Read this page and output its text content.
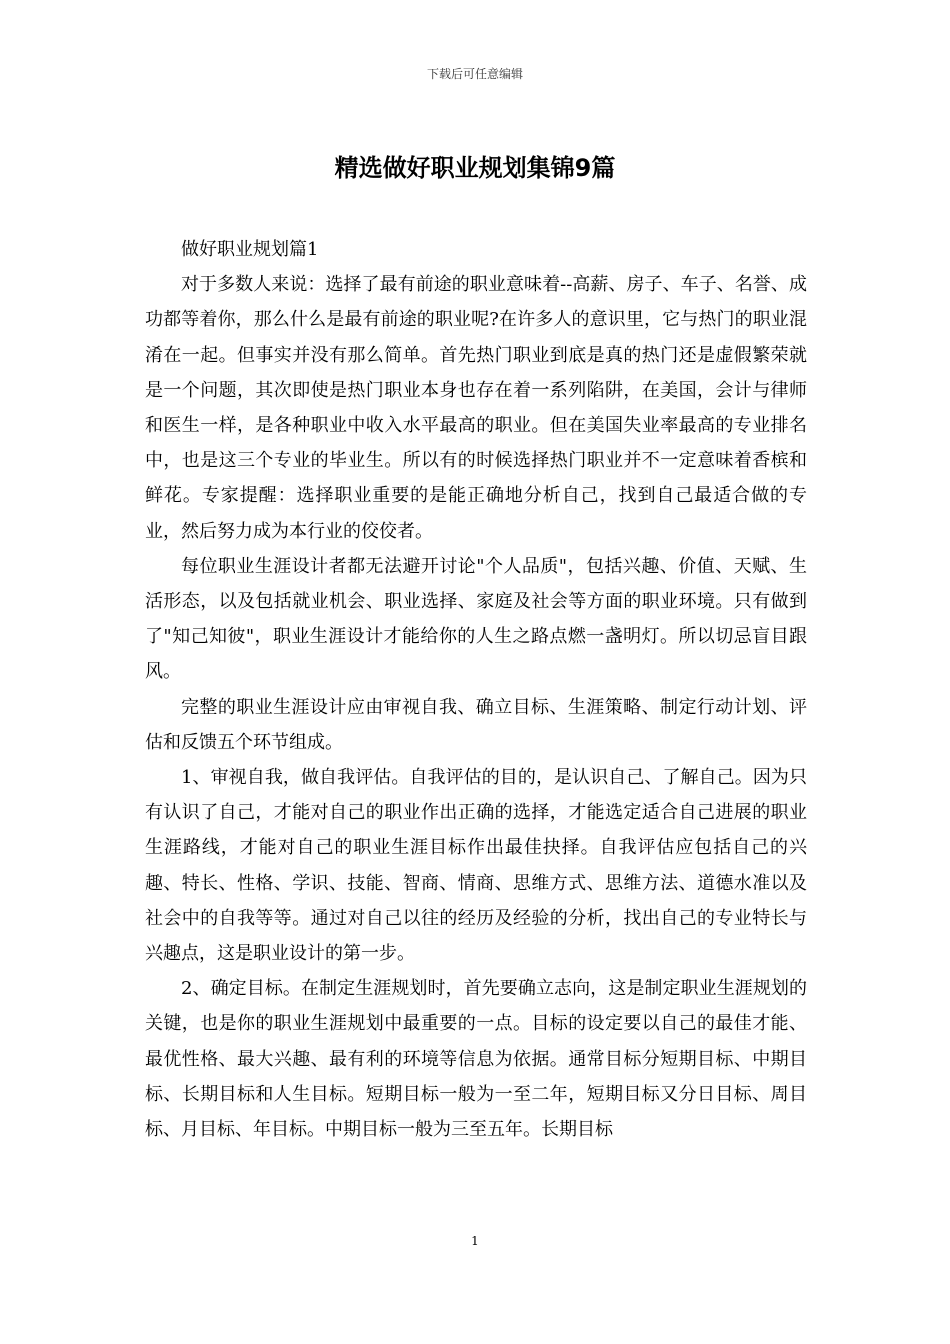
下载后可任意编辑
精选做好职业规划集锦9篇

做好职业规划篇1

对于多数人来说：选择了最有前途的职业意味着--高薪、房子、车子、名誉、成功都等着你，那么什么是最有前途的职业呢?在许多人的意识里，它与热门的职业混淆在一起。但事实并没有那么简单。首先热门职业到底是真的热门还是虚假繁荣就是一个问题，其次即使是热门职业本身也存在着一系列陷阱，在美国，会计与律师和医生一样，是各种职业中收入水平最高的职业。但在美国失业率最高的专业排名中，也是这三个专业的毕业生。所以有的时候选择热门职业并不一定意味着香槟和鲜花。专家提醒：选择职业重要的是能正确地分析自己，找到自己最适合做的专业，然后努力成为本行业的佼佼者。

每位职业生涯设计者都无法避开讨论"个人品质"，包括兴趣、价值、天赋、生活形态，以及包括就业机会、职业选择、家庭及社会等方面的职业环境。只有做到了"知己知彼"，职业生涯设计才能给你的人生之路点燃一盏明灯。所以切忌盲目跟风。

完整的职业生涯设计应由审视自我、确立目标、生涯策略、制定行动计划、评估和反馈五个环节组成。

1、审视自我，做自我评估。自我评估的目的，是认识自己、了解自己。因为只有认识了自己，才能对自己的职业作出正确的选择，才能选定适合自己进展的职业生涯路线，才能对自己的职业生涯目标作出最佳抉择。自我评估应包括自己的兴趣、特长、性格、学识、技能、智商、情商、思维方式、思维方法、道德水准以及社会中的自我等等。通过对自己以往的经历及经验的分析，找出自己的专业特长与兴趣点，这是职业设计的第一步。

2、确定目标。在制定生涯规划时，首先要确立志向，这是制定职业生涯规划的关键，也是你的职业生涯规划中最重要的一点。目标的设定要以自己的最佳才能、最优性格、最大兴趣、最有利的环境等信息为依据。通常目标分短期目标、中期目标、长期目标和人生目标。短期目标一般为一至二年，短期目标又分日目标、周目标、月目标、年目标。中期目标一般为三至五年。长期目标

1
